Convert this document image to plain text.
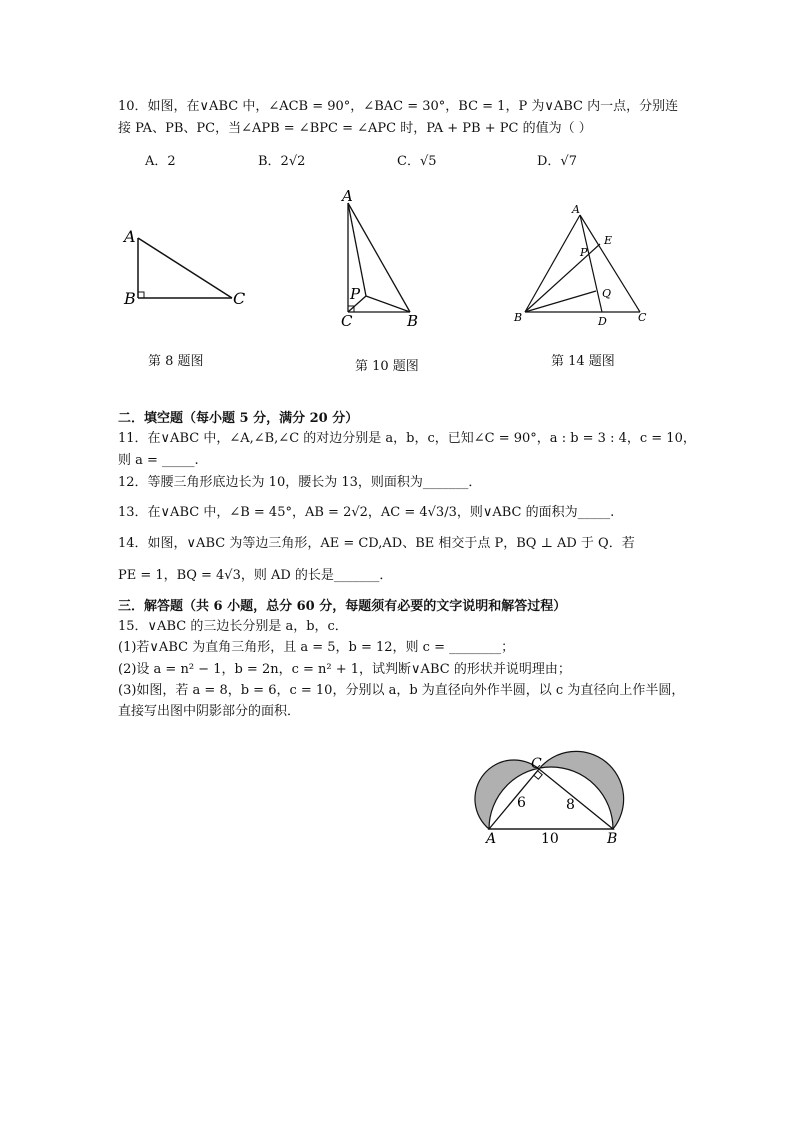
10．如图，在∨ABC 中，∠ACB = 90°，∠BAC = 30°，BC = 1，P 为∨ABC 内一点，分别连
接 PA、PB、PC，当∠APB = ∠BPC = ∠APC 时，PA + PB + PC 的值为（ ）
A．2	B．2√2	C．√5	D．√7
A
B	C
A
P
C	B
A
E
P
Q
B	D	C
C
A	B
6	8
10
第 8 题图	第 10 题图	第 14 题图
二．填空题（每小题 5 分，满分 20 分）
11．在∨ABC 中，∠A,∠B,∠C 的对边分别是 a，b，c，已知∠C = 90°，a : b = 3 : 4，c = 10，
则 a = _____.
12．等腰三角形底边长为 10，腰长为 13，则面积为_______．
13．在∨ABC 中，∠B = 45°，AB = 2√2，AC = 4√3/3，则∨ABC 的面积为_____.
14．如图，∨ABC 为等边三角形，AE = CD,AD、BE 相交于点 P，BQ ⊥ AD 于 Q．若
PE = 1，BQ = 4√3，则 AD 的长是_______．
三．解答题（共 6 小题，总分 60 分，每题须有必要的文字说明和解答过程）
15．∨ABC 的三边长分别是 a，b，c．
(1)若∨ABC 为直角三角形，且 a = 5，b = 12，则 c = ________；
(2)设 a = n² − 1，b = 2n，c = n² + 1，试判断∨ABC 的形状并说明理由；
(3)如图，若 a = 8，b = 6，c = 10，分别以 a，b 为直径向外作半圆，以 c 为直径向上作半圆，
直接写出图中阴影部分的面积．
